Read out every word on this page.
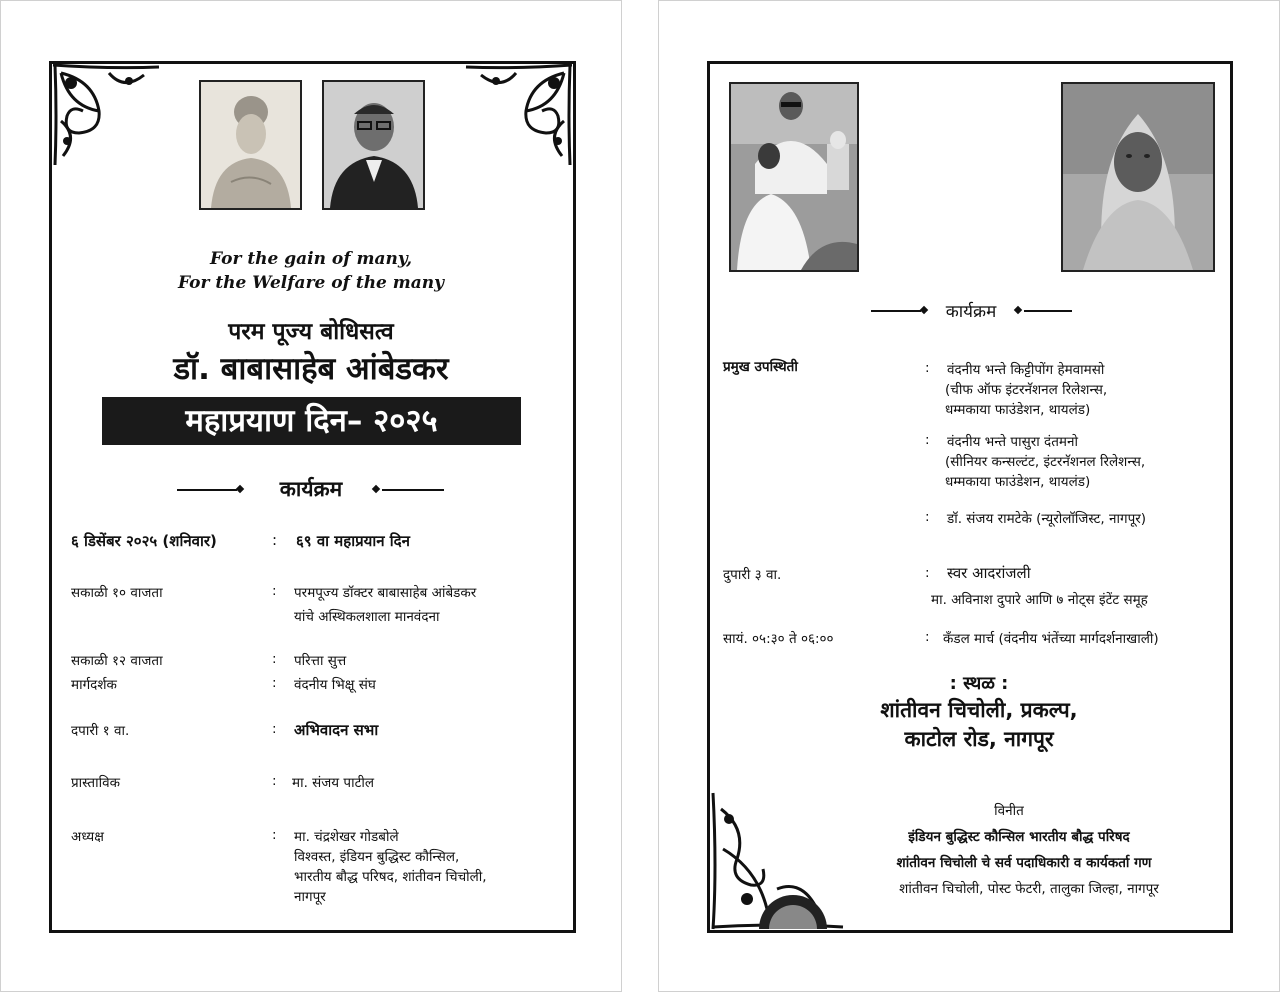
For the gain of many,
For the Welfare of the many
परम पूज्य बोधिसत्व
डॉ. बाबासाहेब आंबेडकर
महाप्रयाण दिन– २०२५
कार्यक्रम
६ डिसेंबर २०२५ (शनिवार)	: ६९ वा महाप्रयान दिन
सकाळी १० वाजता	: परमपूज्य डॉक्टर बाबासाहेब आंबेडकर
यांचे अस्थिकलशाला मानवंदना
सकाळी १२ वाजता	: परित्ता सुत्त
मार्गदर्शक	: वंदनीय भिक्षू संघ
दपारी १ वा.	: अभिवादन सभा
प्रास्ताविक	: मा. संजय पाटील
अध्यक्ष	: मा. चंद्रशेखर गोडबोले
विश्वस्त, इंडियन बुद्धिस्ट कौन्सिल,
भारतीय बौद्ध परिषद, शांतीवन चिचोली,
नागपूर
कार्यक्रम
प्रमुख उपस्थिती	: वंदनीय भन्ते किट्टीपोंग हेमवामसो
(चीफ ऑफ इंटरनॅशनल रिलेशन्स,
धम्मकाया फाउंडेशन, थायलंड)
: वंदनीय भन्ते पासुरा दंतमनो
(सीनियर कन्सल्टंट, इंटरनॅशनल रिलेशन्स,
धम्मकाया फाउंडेशन, थायलंड)
: डॉ. संजय रामटेके (न्यूरोलॉजिस्ट, नागपूर)
दुपारी ३ वा.	: स्वर आदरांजली
मा. अविनाश दुपारे आणि ७ नोट्स इंटेंट समूह
सायं. ०५:३० ते ०६:००	: कॅंडल मार्च (वंदनीय भंतेंच्या मार्गदर्शनाखाली)
: स्थळ :
शांतीवन चिचोली, प्रकल्प,
काटोल रोड, नागपूर
विनीत
इंडियन बुद्धिस्ट कौन्सिल भारतीय बौद्ध परिषद
शांतीवन चिचोली चे सर्व पदाधिकारी व कार्यकर्ता गण
शांतीवन चिचोली, पोस्ट फेटरी, तालुका जिल्हा, नागपूर
